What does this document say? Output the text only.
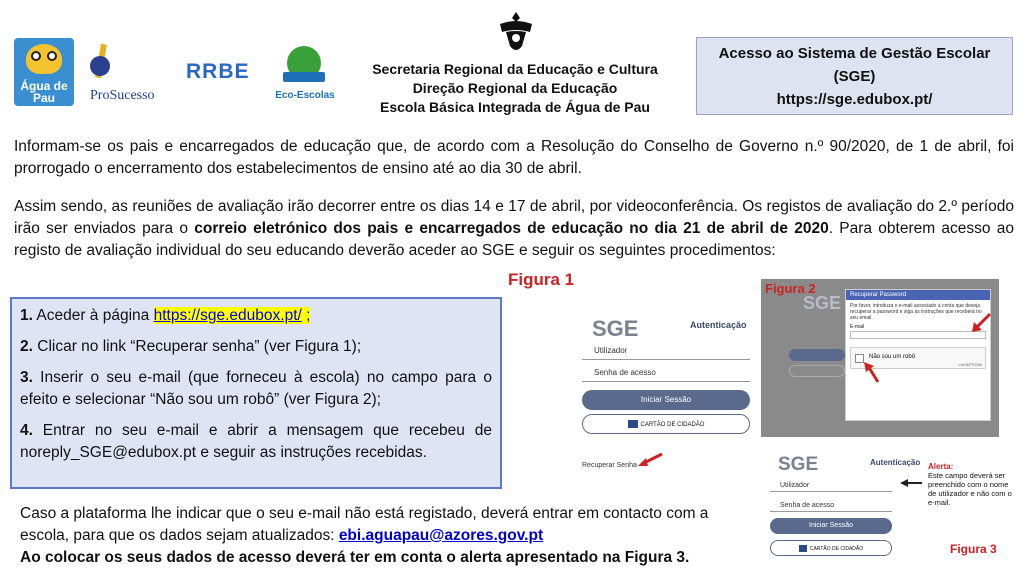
Água de Pau	ProSucesso
RRBE
Eco-Escolas
Secretaria Regional da Educação e Cultura
Direção Regional da Educação
Escola Básica Integrada de Água de Pau
Acesso ao Sistema de Gestão Escolar
(SGE)
https://sge.edubox.pt/
Informam-se os pais e encarregados de educação que, de acordo com a Resolução do Conselho de Governo n.º 90/2020, de 1 de abril, foi prorrogado o encerramento dos estabelecimentos de ensino até ao dia 30 de abril.
Assim sendo, as reuniões de avaliação irão decorrer entre os dias 14 e 17 de abril, por videoconferência. Os registos de avaliação do 2.º período irão ser enviados para o correio eletrónico dos pais e encarregados de educação no dia 21 de abril de 2020. Para obterem acesso ao registo de avaliação individual do seu educando deverão aceder ao SGE e seguir os seguintes procedimentos:

1. Aceder à página https://sge.edubox.pt/ ;

2. Clicar no link “Recuperar senha” (ver Figura 1);

3. Inserir o seu e-mail (que forneceu à escola) no campo para o efeito e selecionar “Não sou um robô” (ver Figura 2);

4. Entrar no seu e-mail e abrir a mensagem que recebeu de noreply_SGE@edubox.pt e seguir as instruções recebidas.

Figura 1
SGE	Autenticação
Utilizador
Senha de acesso
Iniciar Sessão
CARTÃO DE CIDADÃO
Recuperar Senha
Figura 2
SGE	Recuperar Password
Por favor, introduza o e-mail associado à conta que deseja recuperar a password e siga as instruções que receberá no seu email.
E-mail
Não sou um robô
reCAPTCHA
SGE	Autenticação
Utilizador
Senha de acesso
Iniciar Sessão
CARTÃO DE CIDADÃO
Alerta:
Este campo deverá ser preenchido com o nome de utilizador e não com o e-mail.
Figura 3
Caso a plataforma lhe indicar que o seu e-mail não está registado, deverá entrar em contacto com a escola, para que os dados sejam atualizados: ebi.aguapau@azores.gov.pt
Ao colocar os seus dados de acesso deverá ter em conta o alerta apresentado na Figura 3.
